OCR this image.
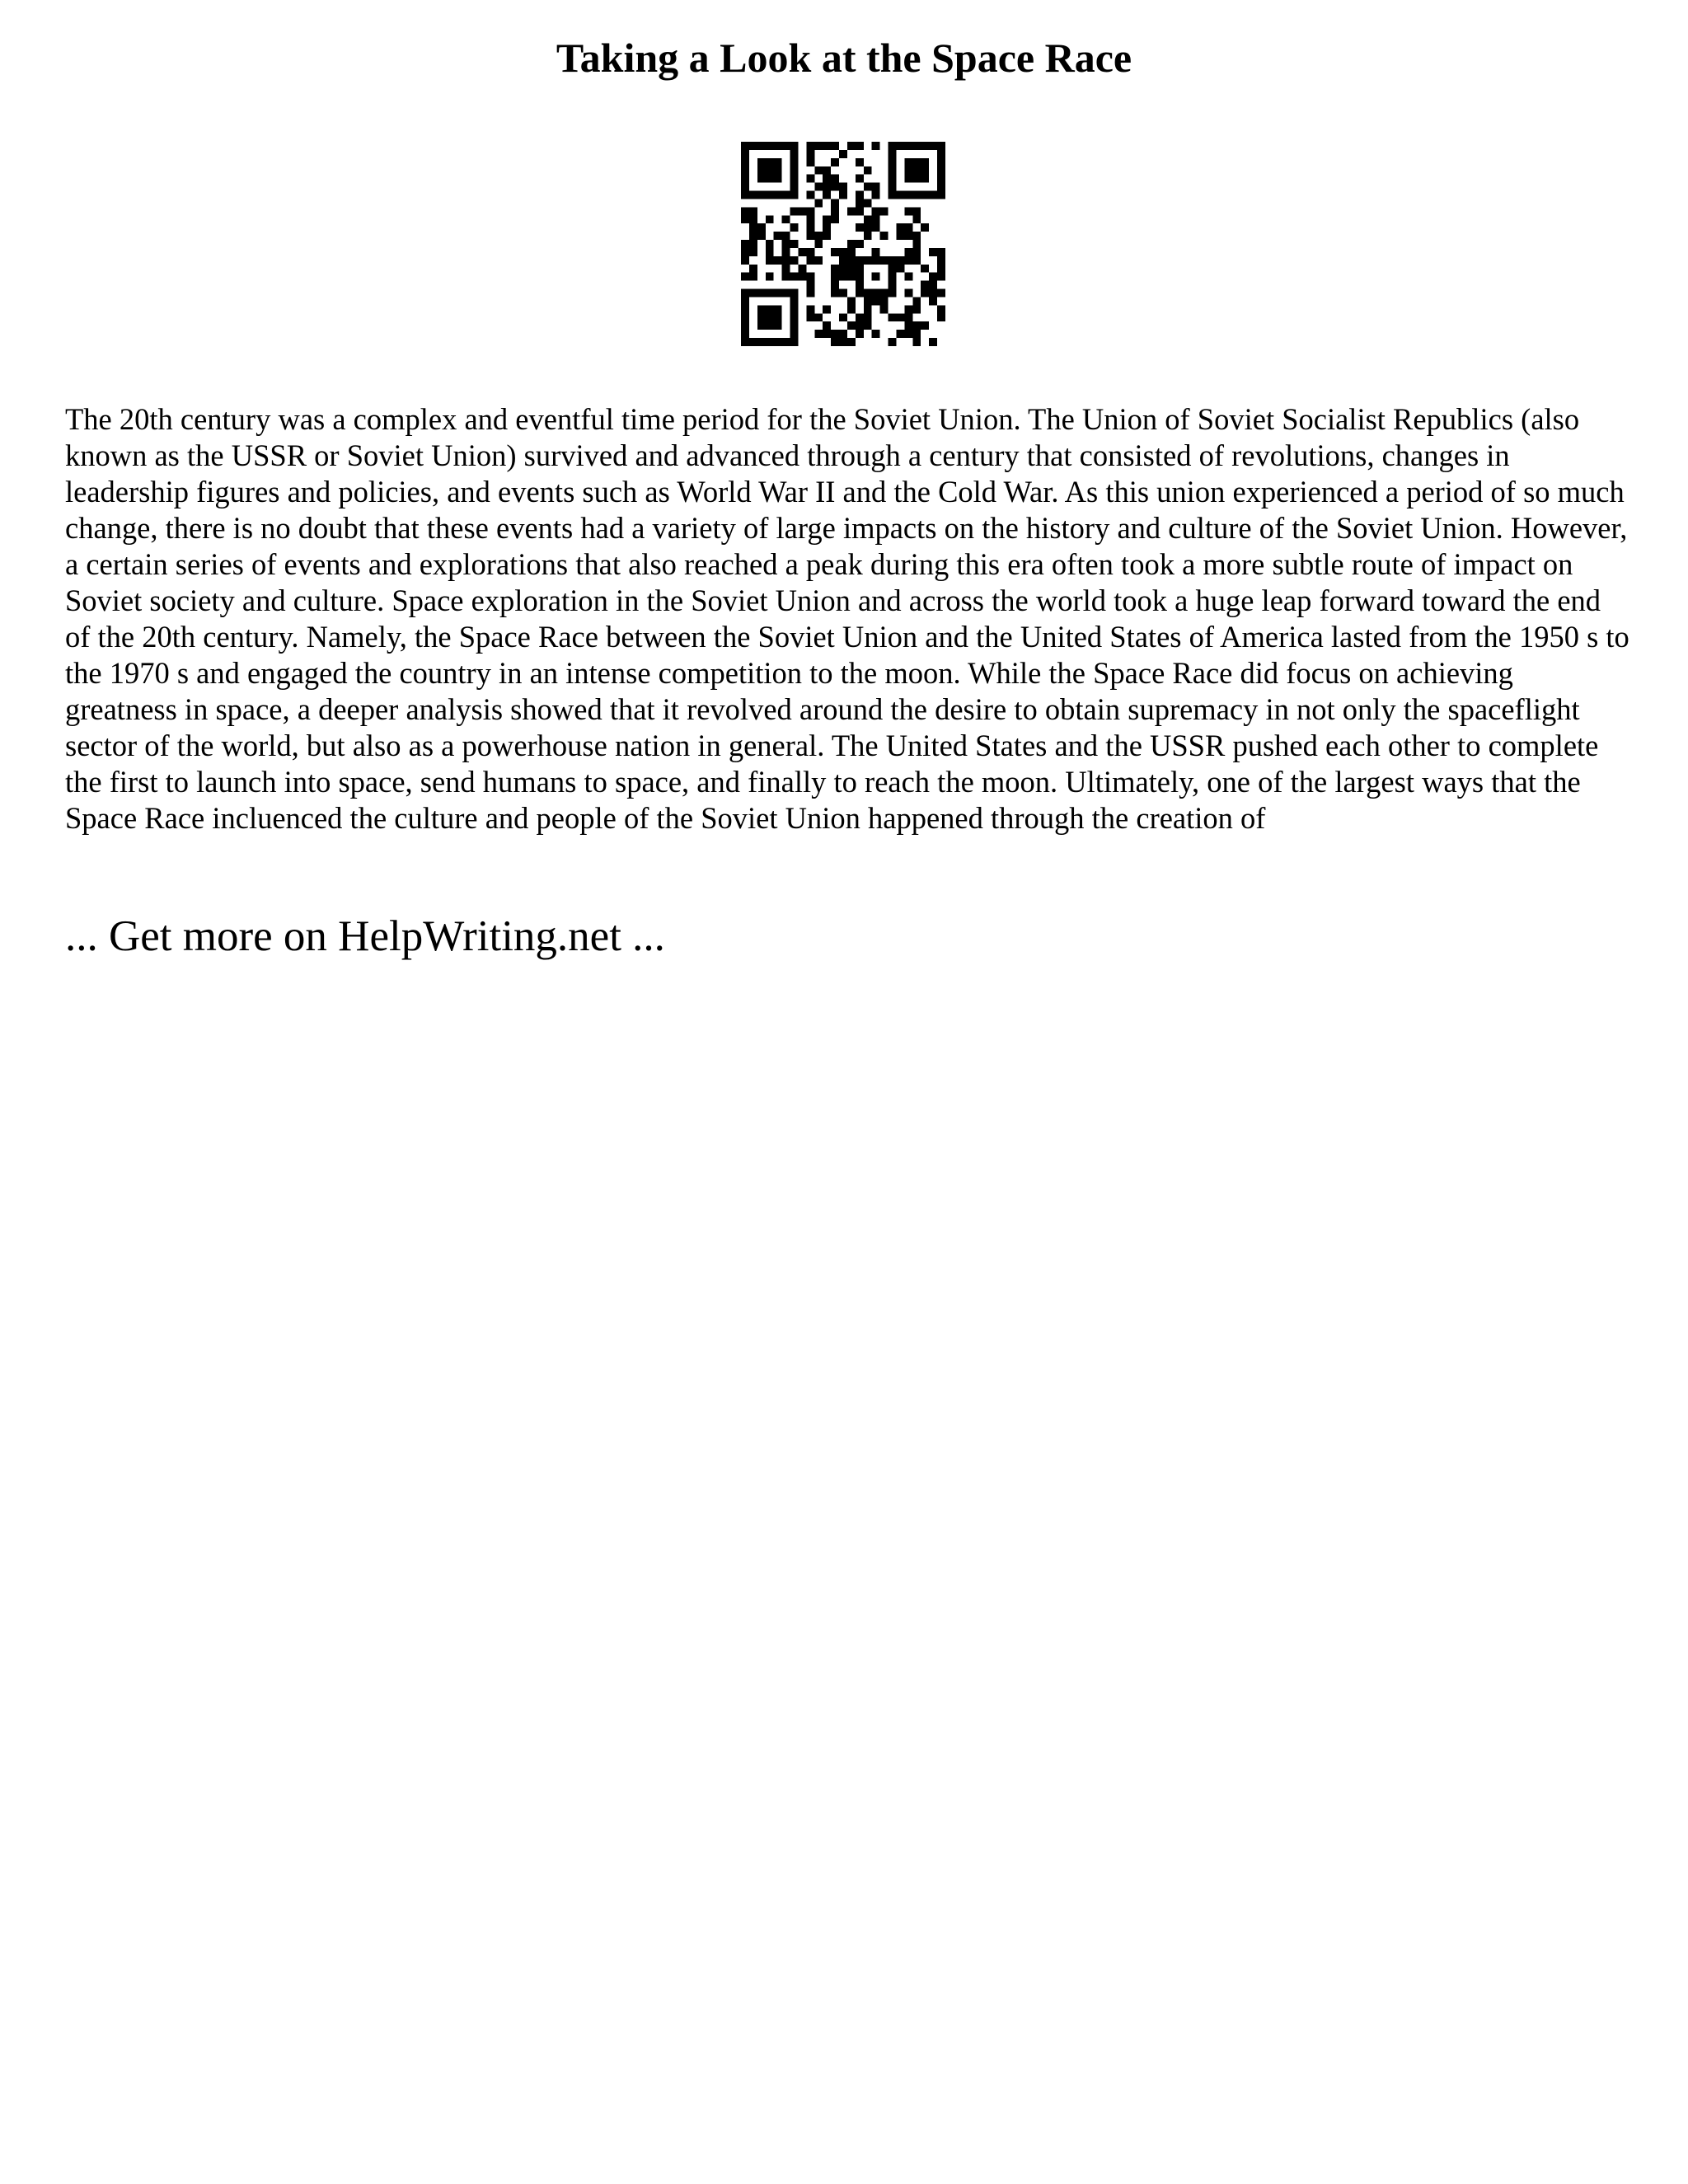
Taking a Look at the Space Race

The 20th century was a complex and eventful time period for the Soviet Union. The Union of Soviet Socialist Republics (also known as the USSR or Soviet Union) survived and advanced through a century that consisted of revolutions, changes in leadership figures and policies, and events such as World War II and the Cold War. As this union experienced a period of so much change, there is no doubt that these events had a variety of large impacts on the history and culture of the Soviet Union. However, a certain series of events and explorations that also reached a peak during this era often took a more subtle route of impact on Soviet society and culture. Space exploration in the Soviet Union and across the world took a huge leap forward toward the end of the 20th century. Namely, the Space Race between the Soviet Union and the United States of America lasted from the 1950 s to the 1970 s and engaged the country in an intense competition to the moon. While the Space Race did focus on achieving greatness in space, a deeper analysis showed that it revolved around the desire to obtain supremacy in not only the spaceflight sector of the world, but also as a powerhouse nation in general. The United States and the USSR pushed each other to complete the first to launch into space, send humans to space, and finally to reach the moon. Ultimately, one of the largest ways that the Space Race incluenced the culture and people of the Soviet Union happened through the creation of

... Get more on HelpWriting.net ...
